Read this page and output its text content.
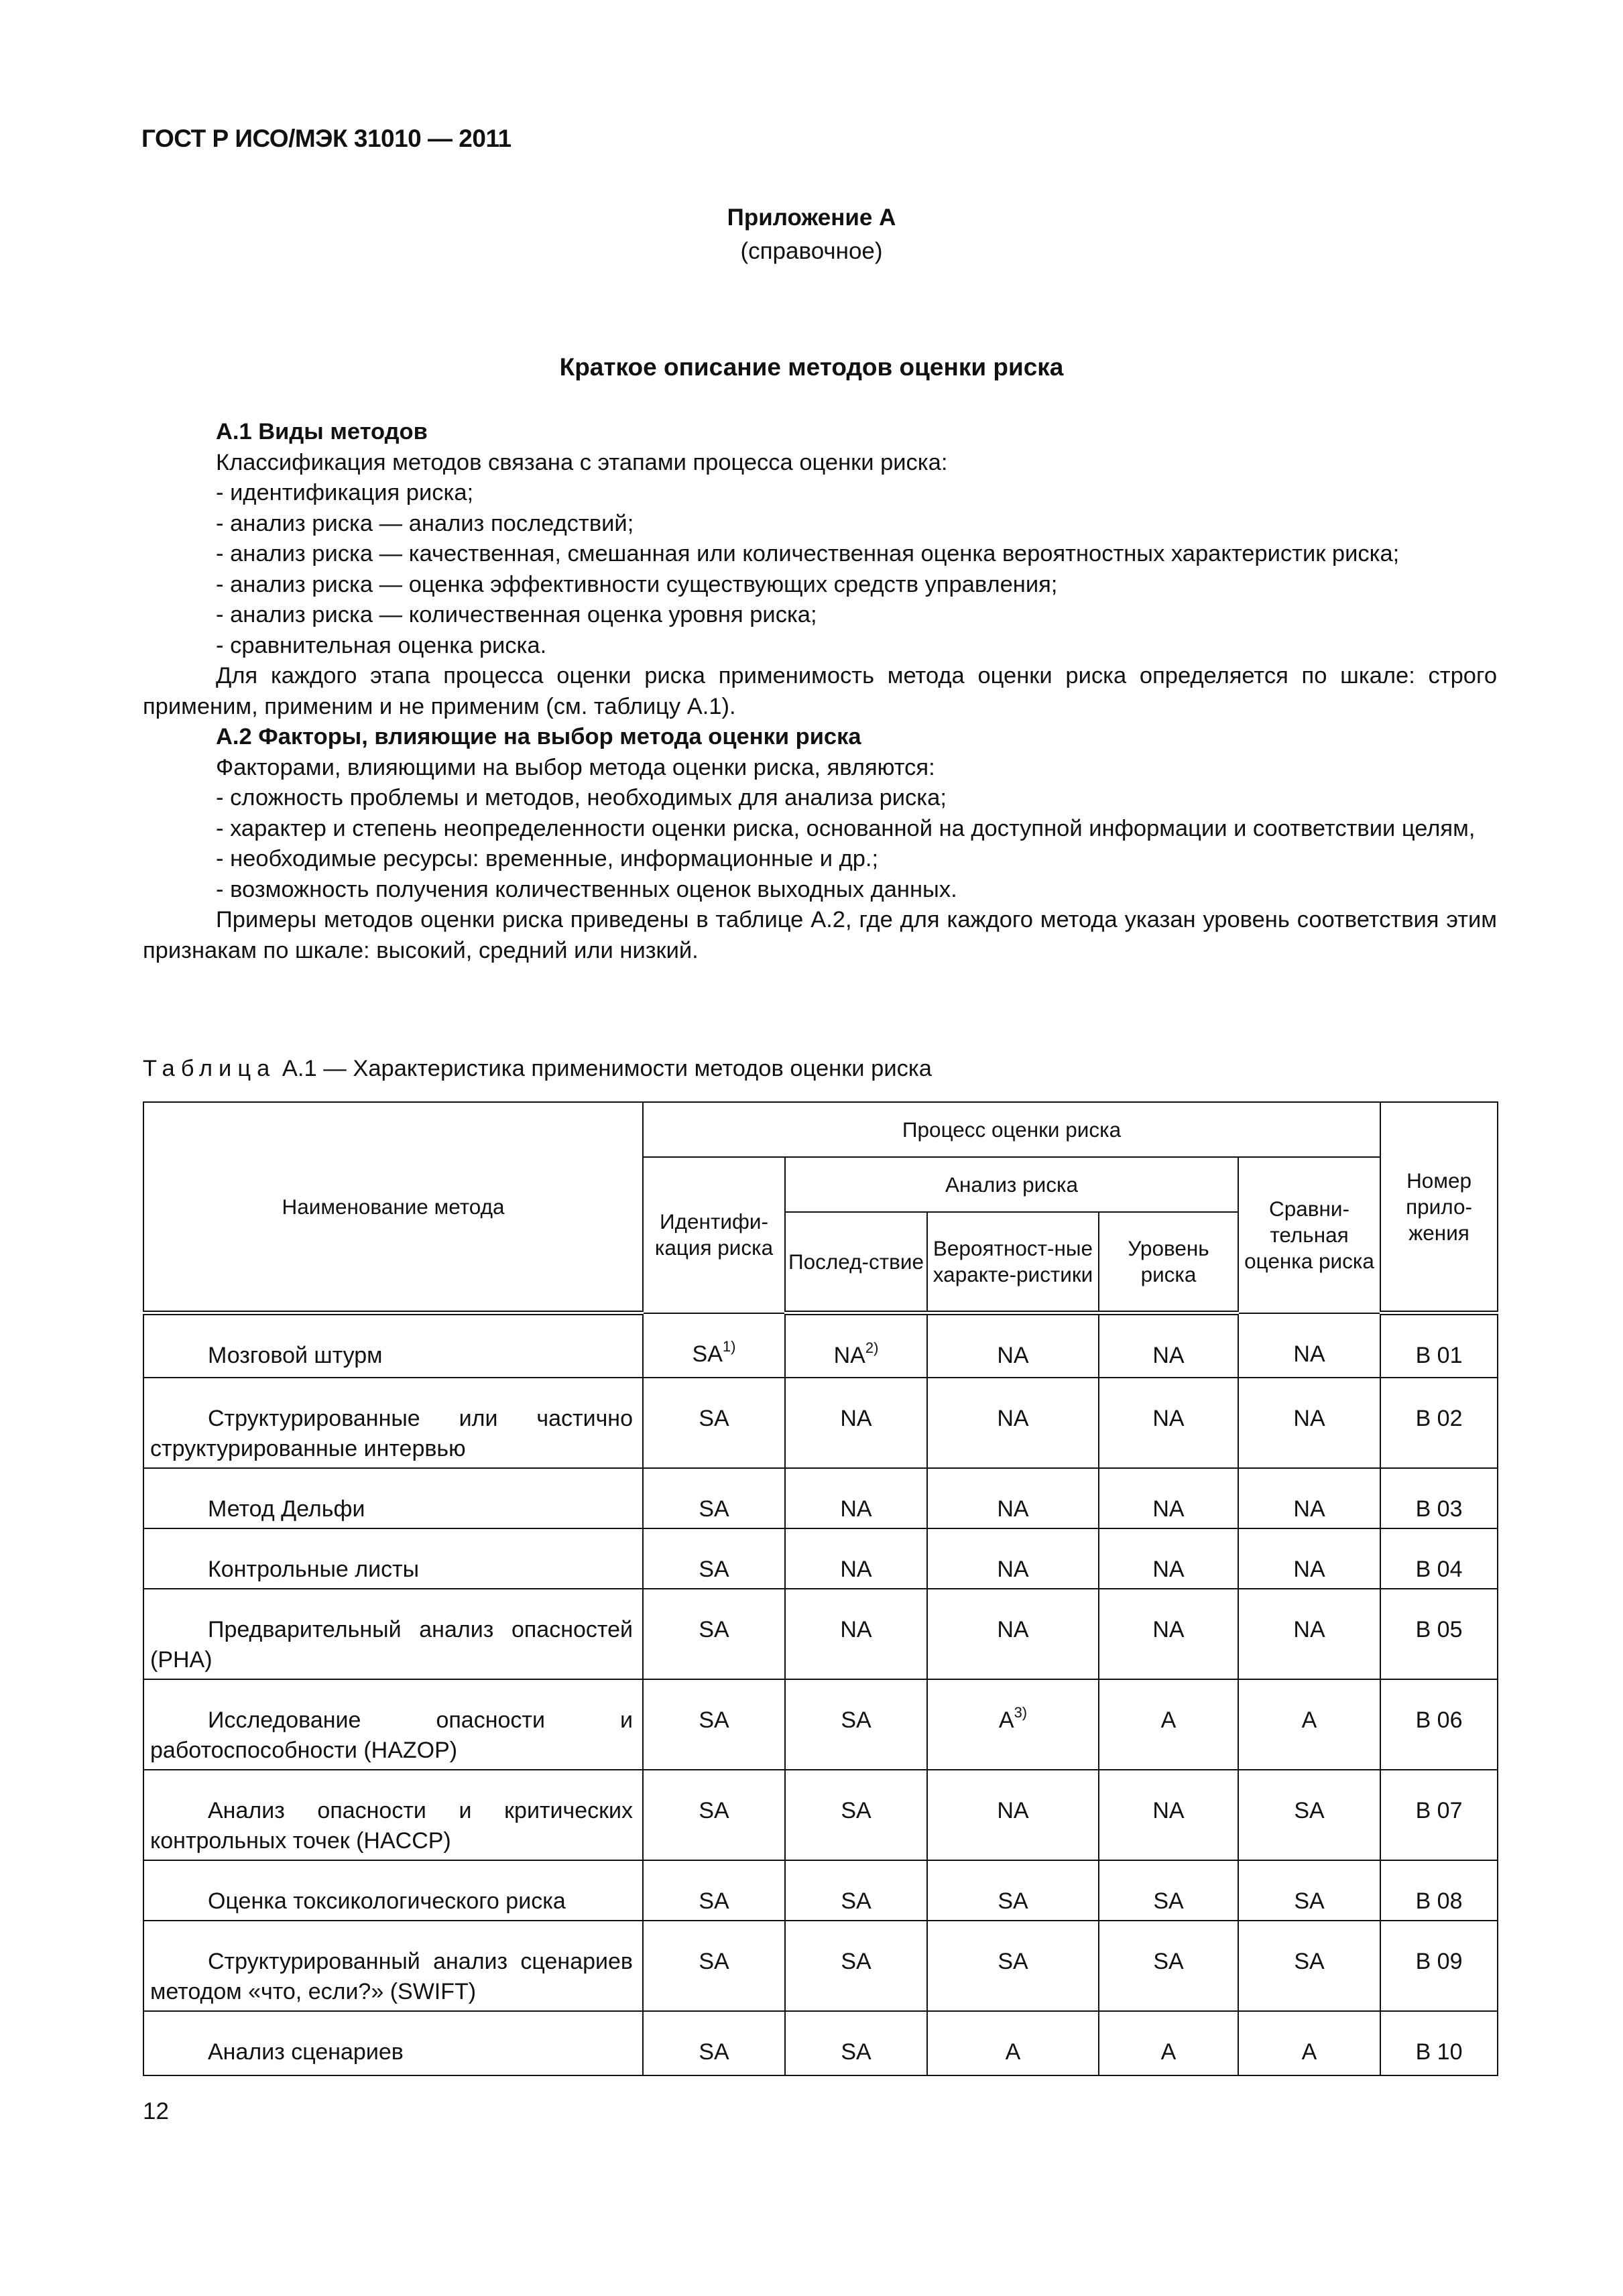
ГОСТ Р ИСО/МЭК 31010 — 2011
Приложение А
(справочное)
Краткое описание методов оценки риска

А.1 Виды методов

Классификация методов связана с этапами процесса оценки риска:

- идентификация риска;

- анализ риска — анализ последствий;

- анализ риска — качественная, смешанная или количественная оценка вероятностных характеристик риска;

- анализ риска — оценка эффективности существующих средств управления;

- анализ риска — количественная оценка уровня риска;

- сравнительная оценка риска.

Для каждого этапа процесса оценки риска применимость метода оценки риска определяется по шкале: строго применим, применим и не применим (см. таблицу А.1).

А.2 Факторы, влияющие на выбор метода оценки риска

Факторами, влияющими на выбор метода оценки риска, являются:

- сложность проблемы и методов, необходимых для анализа риска;

- характер и степень неопределенности оценки риска, основанной на доступной информации и соответствии целям,

- необходимые ресурсы: временные, информационные и др.;

- возможность получения количественных оценок выходных данных.

Примеры методов оценки риска приведены в таблице А.2, где для каждого метода указан уровень соответствия этим признакам по шкале: высокий, средний или низкий.

Таблица А.1 — Характеристика применимости методов оценки риска
Наименование метода	Процесс оценки риска					Номер прило-жения
	Идентифи-кация риска	Анализ риска			Сравни-тельная оценка риска	
		Послед-ствие	Вероятност-ные характе-ристики	Уровень риска		
Мозговой штурм	SA$^{1)}$	NA$^{2)}$	NA	NA	NA	В 01
Структурированные или частично структурированные интервью	SA	NA	NA	NA	NA	В 02
Метод Дельфи	SA	NA	NA	NA	NA	В 03
Контрольные листы	SA	NA	NA	NA	NA	В 04
Предварительный анализ опасностей (PHA)	SA	NA	NA	NA	NA	В 05
Исследование опасности и работоспособности (HAZOP)	SA	SA	$A^{3)}$	A	A	В 06
Анализ опасности и критических контрольных точек (HACCP)	SA	SA	NA	NA	SA	В 07
Оценка токсикологического риска	SA	SA	SA	SA	SA	В 08
Структурированный анализ сценариев методом «что, если?» (SWIFT)	SA	SA	SA	SA	SA	В 09
Анализ сценариев	SA	SA	A	A	A	В 10
12
